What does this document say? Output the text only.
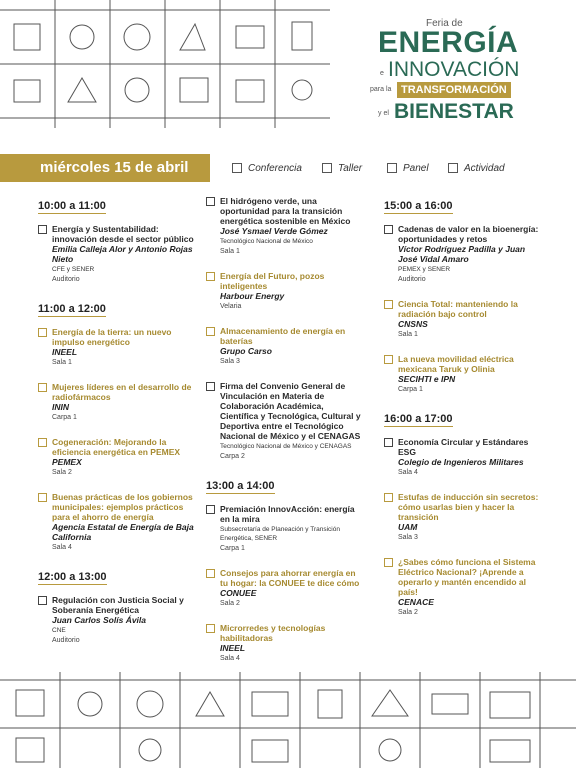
Feria de
ENERGÍA
e INNOVACIÓN
para la TRANSFORMACIÓN
y el BIENESTAR
miércoles 15 de abril	Conferencia	Taller	Panel	Actividad
10:00 a 11:00
Energía y Sustentabilidad: innovación desde el sector público
Emilia Calleja Alor y Antonio Rojas Nieto
CFE y SENER
Auditorio
11:00 a 12:00
Energía de la tierra: un nuevo impulso energético
INEEL
Sala 1
Mujeres líderes en el desarrollo de radiofármacos
ININ
Carpa 1
Cogeneración: Mejorando la eficiencia energética en PEMEX
PEMEX
Sala 2
Buenas prácticas de los gobiernos municipales: ejemplos prácticos para el ahorro de energía
Agencia Estatal de Energía de Baja California
Sala 4
12:00 a 13:00
Regulación con Justicia Social y Soberanía Energética
Juan Carlos Solís Ávila
CNE
Auditorio
El hidrógeno verde, una oportunidad para la transición energética sostenible en México
José Ysmael Verde Gómez
Tecnológico Nacional de México
Sala 1
Energía del Futuro, pozos inteligentes
Harbour Energy
Velaria
Almacenamiento de energía en baterías
Grupo Carso
Sala 3
Firma del Convenio General de Vinculación en Materia de Colaboración Académica, Científica y Tecnológica, Cultural y Deportiva entre el Tecnológico Nacional de México y el CENAGAS
Tecnológico Nacional de México y CENAGAS
Carpa 2
13:00 a 14:00
Premiación InnovAcción: energía en la mira
Subsecretaría de Planeación y Transición Energética, SENER
Carpa 1
Consejos para ahorrar energía en tu hogar: la CONUEE te dice cómo
CONUEE
Sala 2
Microrredes y tecnologías habilitadoras
INEEL
Sala 4
15:00 a 16:00
Cadenas de valor en la bioenergía: oportunidades y retos
Víctor Rodríguez Padilla y Juan José Vidal Amaro
PEMEX y SENER
Auditorio
Ciencia Total: manteniendo la radiación bajo control
CNSNS
Sala 1
La nueva movilidad eléctrica mexicana Taruk y Olinia
SECIHTI e IPN
Carpa 1
16:00 a 17:00
Economía Circular y Estándares ESG
Colegio de Ingenieros Militares
Sala 4
Estufas de inducción sin secretos: cómo usarlas bien y hacer la transición
UAM
Sala 3
¿Sabes cómo funciona el Sistema Eléctrico Nacional? ¡Aprende a operarlo y mantén encendido al país!
CENACE
Sala 2
